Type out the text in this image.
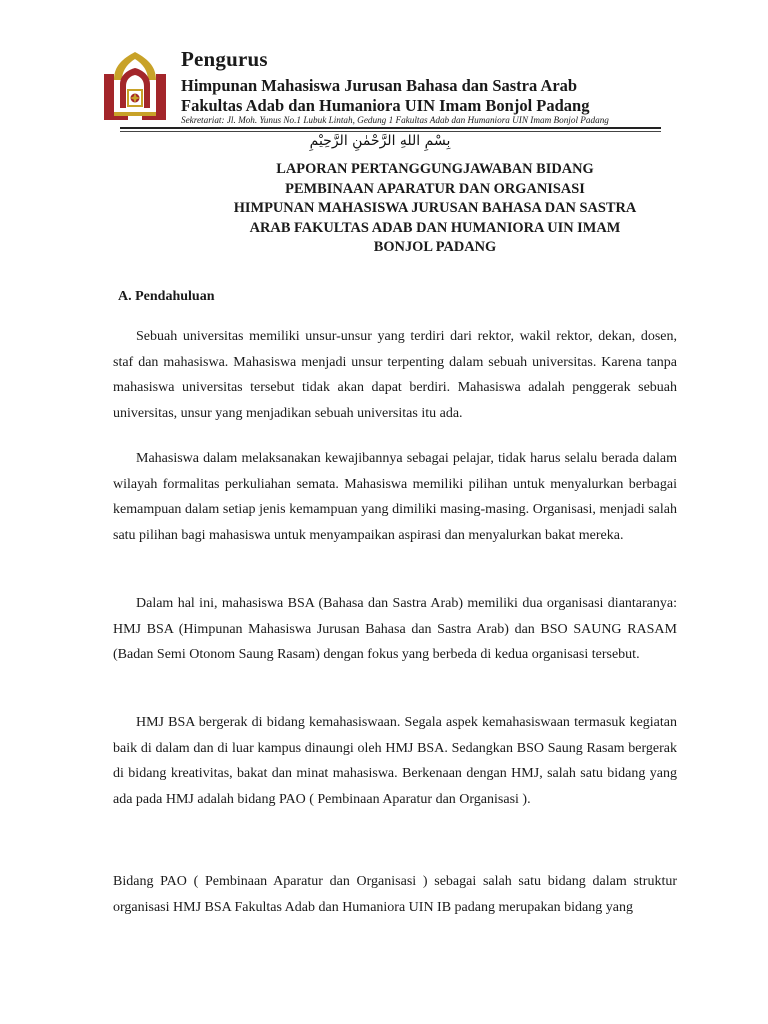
Pengurus
Himpunan Mahasiswa Jurusan Bahasa dan Sastra Arab
Fakultas Adab dan Humaniora UIN Imam Bonjol Padang
Sekretariat: Jl. Moh. Yunus No.1 Lubuk Lintah, Gedung 1 Fakultas Adab dan Humaniora UIN Imam Bonjol Padang
بِسْمِ اللهِ الرَّحْمٰنِ الرَّحِيْمِ
LAPORAN PERTANGGUNGJAWABAN BIDANG
PEMBINAAN APARATUR DAN ORGANISASI
HIMPUNAN MAHASISWA JURUSAN BAHASA DAN SASTRA
ARAB FAKULTAS ADAB DAN HUMANIORA UIN IMAM
BONJOL PADANG
A. Pendahuluan

Sebuah universitas memiliki unsur-unsur yang terdiri dari rektor, wakil rektor, dekan, dosen, staf dan mahasiswa. Mahasiswa menjadi unsur terpenting dalam sebuah universitas. Karena tanpa mahasiswa universitas tersebut tidak akan dapat berdiri. Mahasiswa adalah penggerak sebuah universitas, unsur yang menjadikan sebuah universitas itu ada.

Mahasiswa dalam melaksanakan kewajibannya sebagai pelajar, tidak harus selalu berada dalam wilayah formalitas perkuliahan semata. Mahasiswa memiliki pilihan untuk menyalurkan berbagai kemampuan dalam setiap jenis kemampuan yang dimiliki masing-masing. Organisasi, menjadi salah satu pilihan bagi mahasiswa untuk menyampaikan aspirasi dan menyalurkan bakat mereka.

Dalam hal ini, mahasiswa BSA (Bahasa dan Sastra Arab) memiliki dua organisasi diantaranya: HMJ BSA (Himpunan Mahasiswa Jurusan Bahasa dan Sastra Arab) dan BSO SAUNG RASAM (Badan Semi Otonom Saung Rasam) dengan fokus yang berbeda di kedua organisasi tersebut.

HMJ BSA bergerak di bidang kemahasiswaan. Segala aspek kemahasiswaan termasuk kegiatan baik di dalam dan di luar kampus dinaungi oleh HMJ BSA. Sedangkan BSO Saung Rasam bergerak di bidang kreativitas, bakat dan minat mahasiswa. Berkenaan dengan HMJ, salah satu bidang yang ada pada HMJ adalah bidang PAO ( Pembinaan Aparatur dan Organisasi ).

Bidang PAO ( Pembinaan Aparatur dan Organisasi ) sebagai salah satu bidang dalam struktur organisasi HMJ BSA Fakultas Adab dan Humaniora UIN IB padang merupakan bidang yang
